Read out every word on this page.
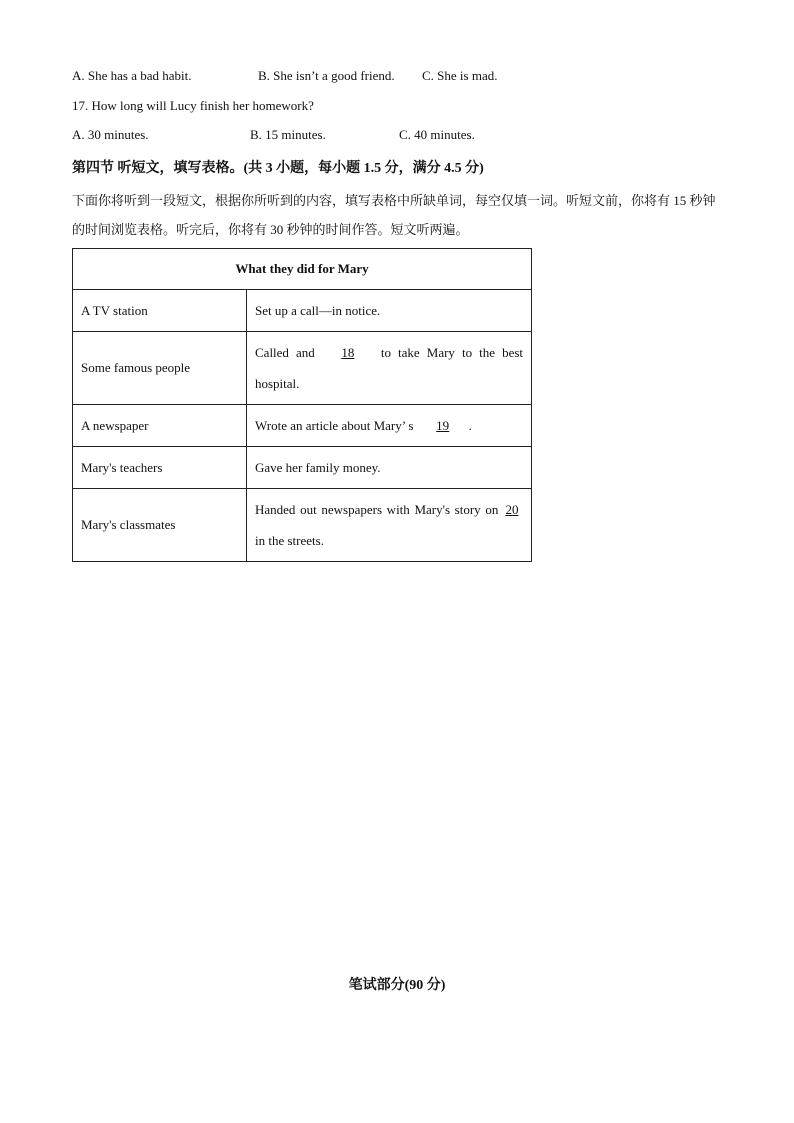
A. She has a bad habit.	B. She isn’t a good friend. C. She is mad.
17. How long will Lucy finish her homework?
A. 30 minutes.	B. 15 minutes.	C. 40 minutes.
第四节 听短文，填写表格。(共 3 小题，每小题 1.5 分，满分 4.5 分)
下面你将听到一段短文，根据你所听到的内容，填写表格中所缺单词，每空仅填一词。听短文前，你将有 15 秒钟的时间浏览表格。听完后，你将有 30 秒钟的时间作答。短文听两遍。
What they did for Mary	
A TV station	Set up a call—in notice.
Some famous people	Called and 18 to take Mary to the best hospital.
A newspaper	Wrote an article about Mary’ s 19 .
Mary's teachers	Gave her family money.
Mary's classmates	Handed out newspapers with Mary's story on 20 in the streets.
笔试部分(90 分)
